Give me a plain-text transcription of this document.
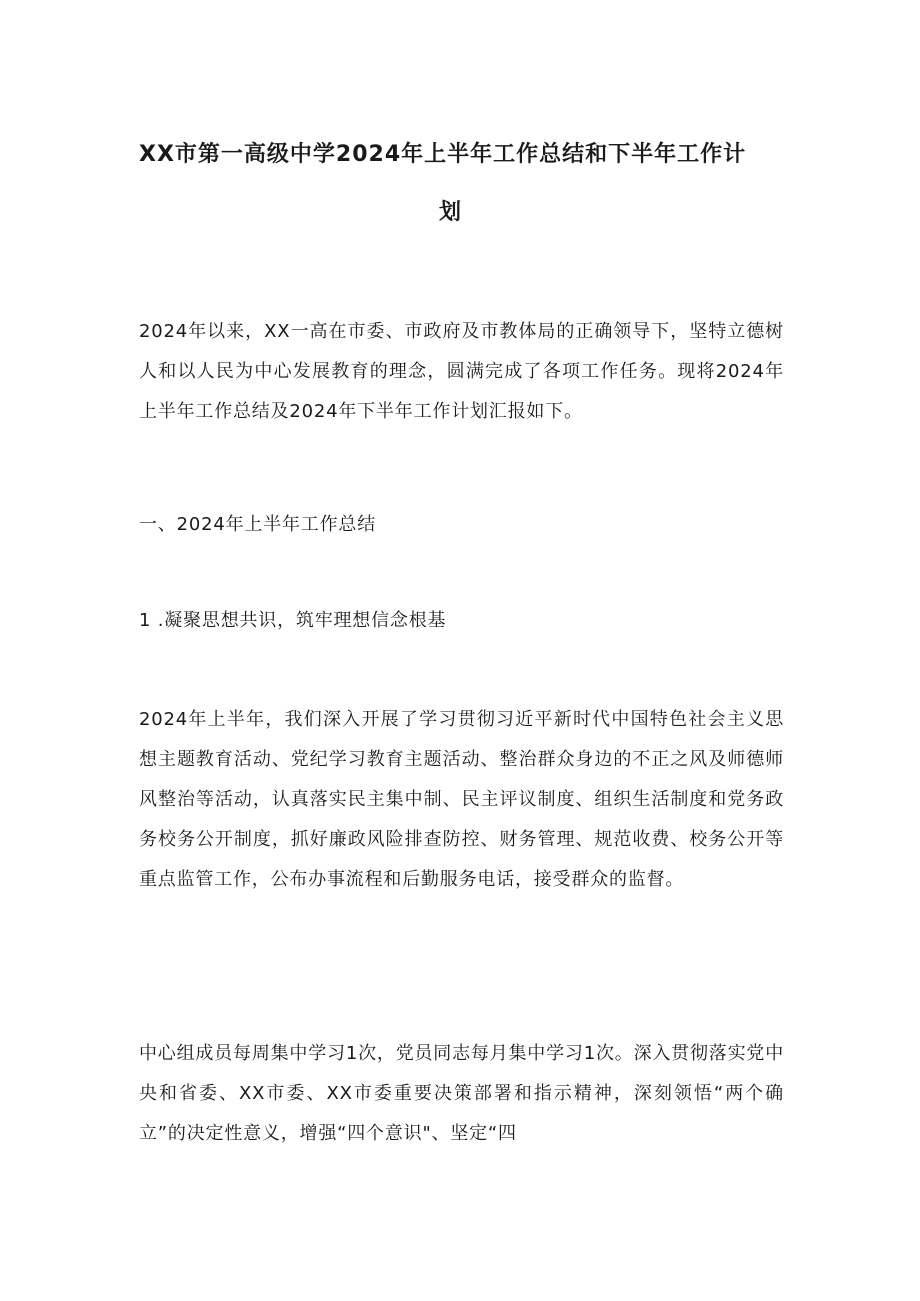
XX市第一高级中学2024年上半年工作总结和下半年工作计
划
2024年以来，XX一高在市委、市政府及市教体局的正确领导下，坚特立德树人和以人民为中心发展教育的理念，圆满完成了各项工作任务。现将2024年上半年工作总结及2024年下半年工作计划汇报如下。
一、2024年上半年工作总结
1 .凝聚思想共识，筑牢理想信念根基
2024年上半年，我们深入开展了学习贯彻习近平新时代中国特色社会主义思想主题教育活动、党纪学习教育主题活动、整治群众身边的不正之风及师德师风整治等活动，认真落实民主集中制、民主评议制度、组织生活制度和党务政务校务公开制度，抓好廉政风险排查防控、财务管理、规范收费、校务公开等重点监管工作，公布办事流程和后勤服务电话，接受群众的监督。
中心组成员每周集中学习1次，党员同志每月集中学习1次。深入贯彻落实党中央和省委、XX市委、XX市委重要决策部署和指示精神，深刻领悟“两个确立”的决定性意义，增强“四个意识"、坚定“四
